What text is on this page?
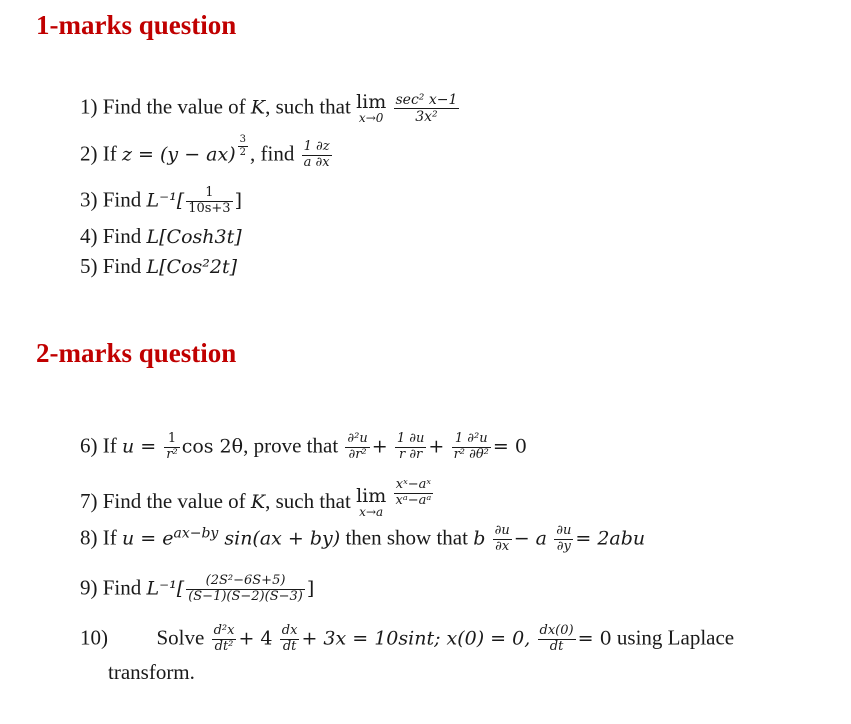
1-marks question
1) Find the value of K, such that lim
x→0
$\frac{\text{sec² x−1}}{\text{3x²}}$
2) If $z = (y - ax) \frac{3}{2}$ , find $\frac{1 \partial z}{a \partial x}$
3) Find $L^{-1}[ \frac{1}{10s+3}$ ]
4) Find L[Cosh3t]
5) Find L[Cos²2t]
2-marks question
6) If $u = \frac{1}{\text{r²}}$ cos 2θ, prove that $\frac{\text{∂²u}}{\text{∂r²}} + \frac{1 \partial u}{r \partial r} + \frac{\text{1 ∂²u}}{\text{r² ∂θ²}} = 0$
7) Find the value of K, such that lim
x→a

$\frac{\text{xˣ−aˣ}}{\text{xᵃ−aᵃ}}$
8) If $u = e^{ax-by}$ sin(ax + by) then show that b $\frac{\partial u}{\partial x} - a \frac{\partial u}{\partial y} = 2abu$
9) Find $L^{-1}[ \frac{\text{(2S²−6S+5)}}{(S-1)(S-2)(S-3)}$ ]
10) Solve $\frac{\text{d²x}}{\text{dt²}} + 4 \frac{dx}{dt} + 3x = 10\sin t$; x(0) = 0, $\frac{dx(0)}{dt} = 0$ using Laplace
transform.
